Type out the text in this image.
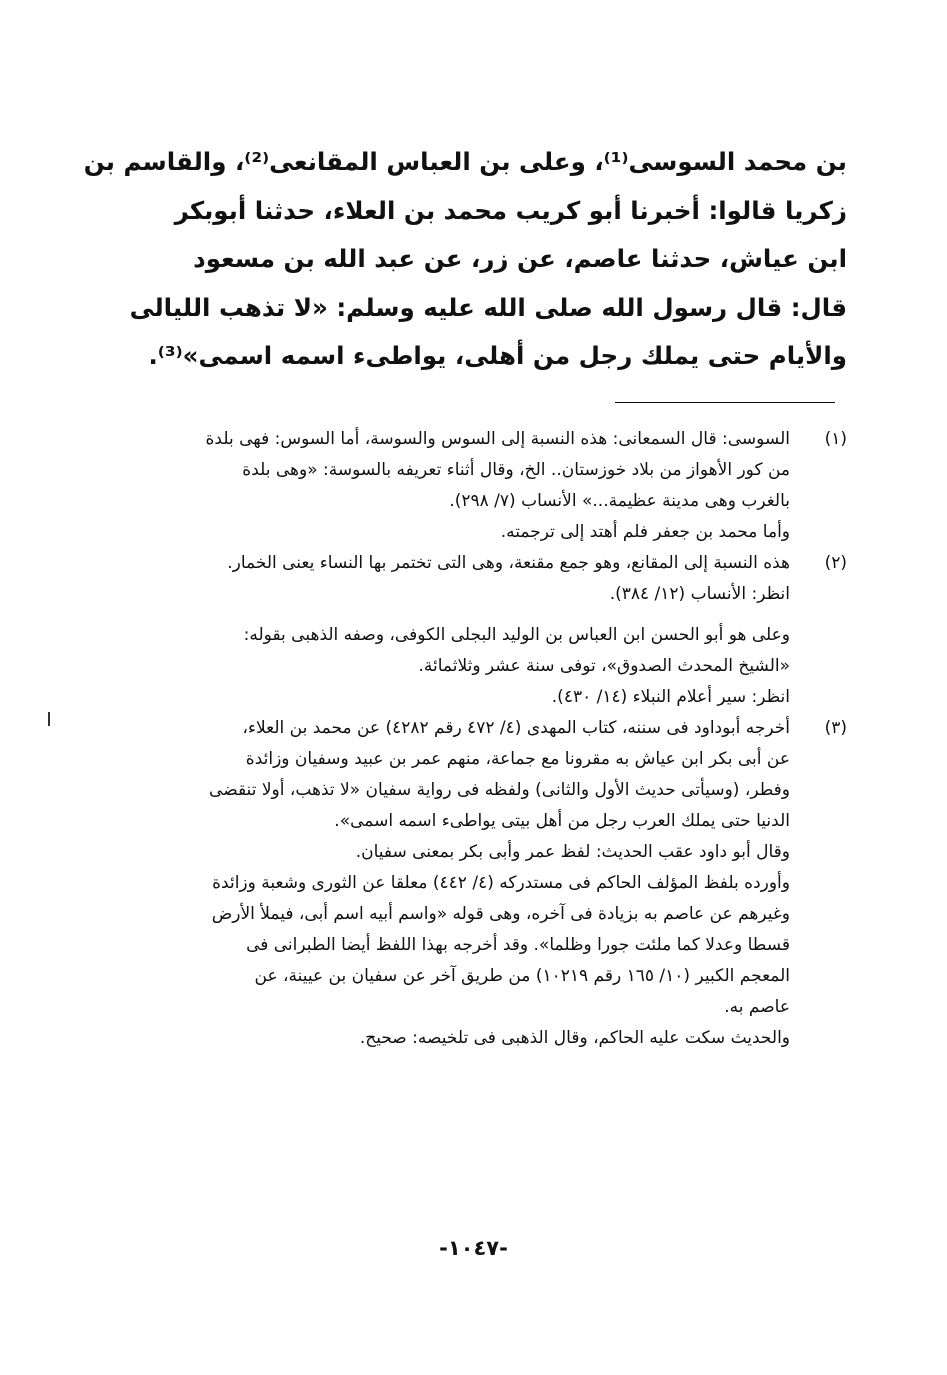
بن محمد السوسى⁽¹⁾، وعلى بن العباس المقانعى⁽²⁾، والقاسم بن
زكريا قالوا: أخبرنا أبو كريب محمد بن العلاء، حدثنا أبوبكر
ابن عياش، حدثنا عاصم، عن زر، عن عبد الله بن مسعود
قال: قال رسول الله صلى الله عليه وسلم: «لا تذهب الليالى
والأيام حتى يملك رجل من أهلى، يواطىء اسمه اسمى»⁽³⁾.
(١)
السوسى: قال السمعانى: هذه النسبة إلى السوس والسوسة، أما السوس: فهى بلدة
من كور الأهواز من بلاد خوزستان.. الخ، وقال أثناء تعريفه بالسوسة: «وهى بلدة
بالغرب وهى مدينة عظيمة...» الأنساب (٧/ ٢٩٨).
وأما محمد بن جعفر فلم أهتد إلى ترجمته.
(٢)
هذه النسبة إلى المقانع، وهو جمع مقنعة، وهى التى تختمر بها النساء يعنى الخمار.
انظر: الأنساب (١٢/ ٣٨٤).
وعلى هو أبو الحسن ابن العباس بن الوليد البجلى الكوفى، وصفه الذهبى بقوله:
«الشيخ المحدث الصدوق»، توفى سنة عشر وثلاثمائة.
انظر: سير أعلام النبلاء (١٤/ ٤٣٠).
(٣)
أخرجه أبوداود فى سننه، كتاب المهدى (٤/ ٤٧٢ رقم ٤٢٨٢) عن محمد بن العلاء،
عن أبى بكر ابن عياش به مقرونا مع جماعة، منهم عمر بن عبيد وسفيان وزائدة
وفطر، (وسيأتى حديث الأول والثانى) ولفظه فى رواية سفيان «لا تذهب، أولا تنقضى
الدنيا حتى يملك العرب رجل من أهل بيتى يواطىء اسمه اسمى».
وقال أبو داود عقب الحديث: لفظ عمر وأبى بكر بمعنى سفيان.
وأورده بلفظ المؤلف الحاكم فى مستدركه (٤/ ٤٤٢) معلقا عن الثورى وشعبة وزائدة
وغيرهم عن عاصم به بزيادة فى آخره، وهى قوله «واسم أبيه اسم أبى، فيملأ الأرض
قسطا وعدلا كما ملئت جورا وظلما». وقد أخرجه بهذا اللفظ أيضا الطبرانى فى
المعجم الكبير (١٠/ ١٦٥ رقم ١٠٢١٩) من طريق آخر عن سفيان بن عيينة، عن
عاصم به.
والحديث سكت عليه الحاكم، وقال الذهبى فى تلخيصه: صحيح.
-١٠٤٧-
